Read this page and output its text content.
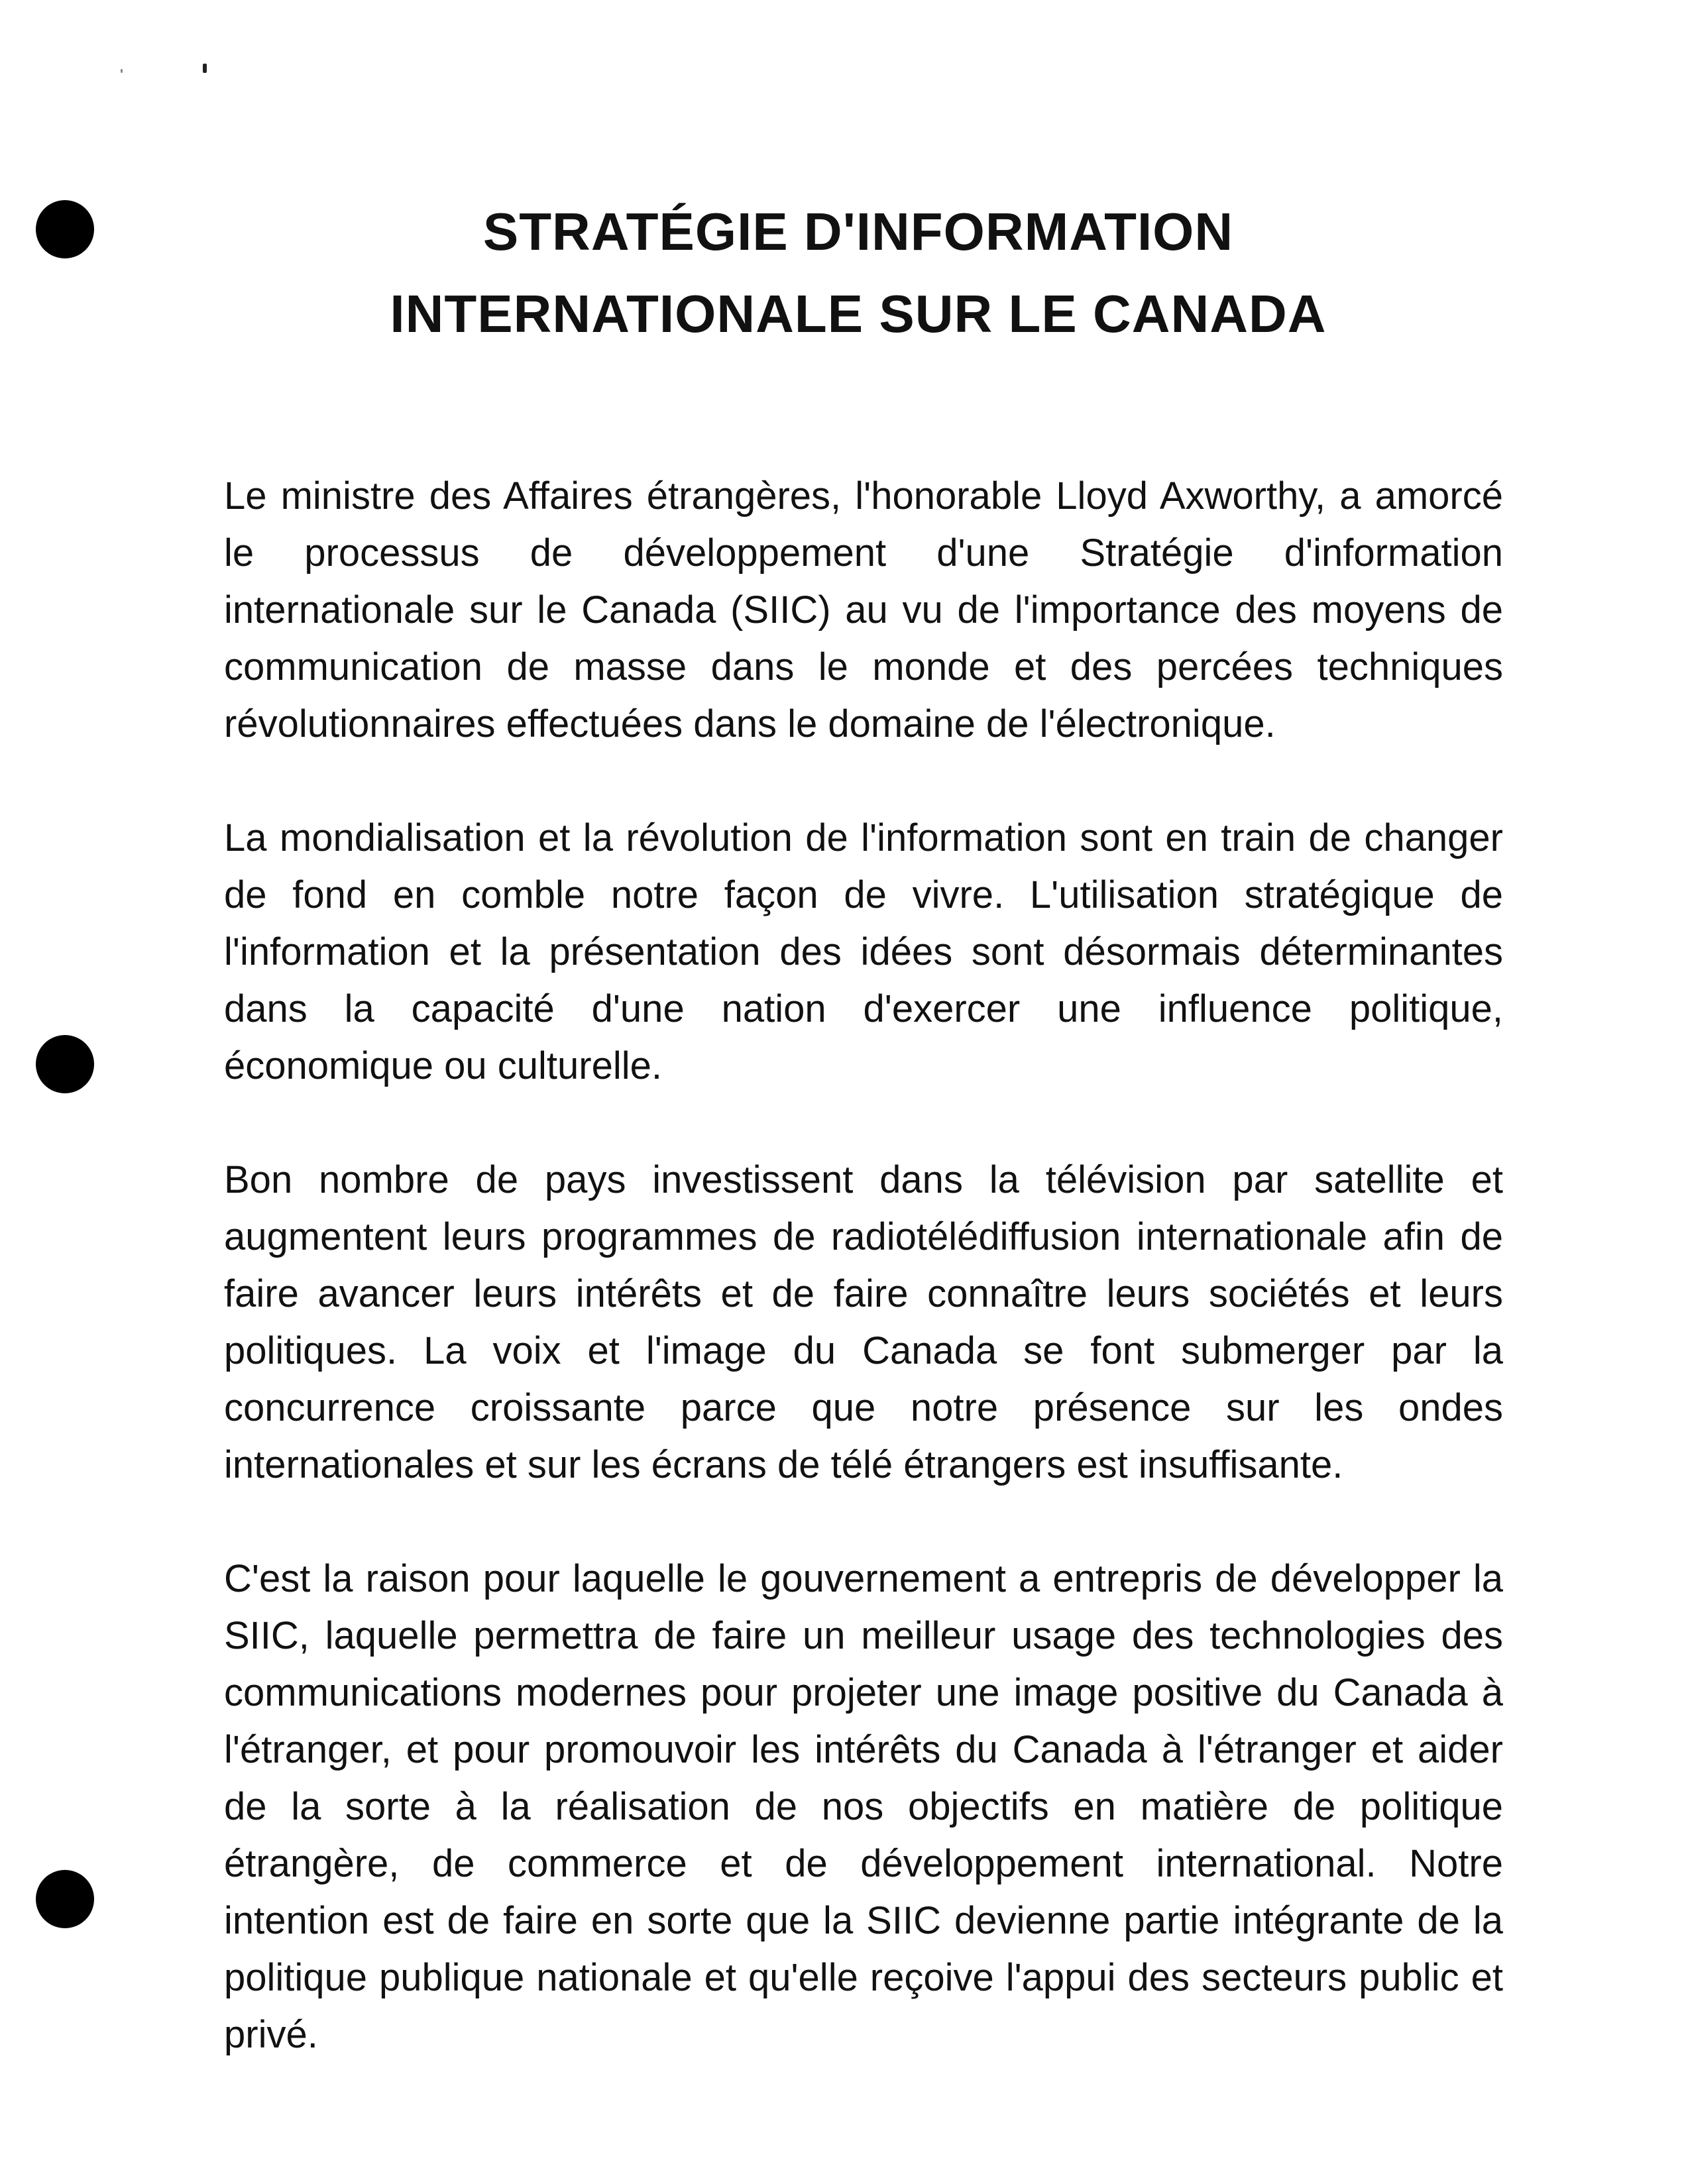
STRATÉGIE D'INFORMATION
INTERNATIONALE SUR LE CANADA

Le ministre des Affaires étrangères, l'honorable Lloyd Axworthy, a amorcé le processus de développement d'une Stratégie d'information internationale sur le Canada (SIIC) au vu de l'importance des moyens de communication de masse dans le monde et des percées techniques révolutionnaires effectuées dans le domaine de l'électronique.

La mondialisation et la révolution de l'information sont en train de changer de fond en comble notre façon de vivre. L'utilisation stratégique de l'information et la présentation des idées sont désormais déterminantes dans la capacité d'une nation d'exercer une influence politique, économique ou culturelle.

Bon nombre de pays investissent dans la télévision par satellite et augmentent leurs programmes de radiotélédiffusion internationale afin de faire avancer leurs intérêts et de faire connaître leurs sociétés et leurs politiques. La voix et l'image du Canada se font submerger par la concurrence croissante parce que notre présence sur les ondes internationales et sur les écrans de télé étrangers est insuffisante.

C'est la raison pour laquelle le gouvernement a entrepris de développer la SIIC, laquelle permettra de faire un meilleur usage des technologies des communications modernes pour projeter une image positive du Canada à l'étranger, et pour promouvoir les intérêts du Canada à l'étranger et aider de la sorte à la réalisation de nos objectifs en matière de politique étrangère, de commerce et de développement international. Notre intention est de faire en sorte que la SIIC devienne partie intégrante de la politique publique nationale et qu'elle reçoive l'appui des secteurs public et privé.
